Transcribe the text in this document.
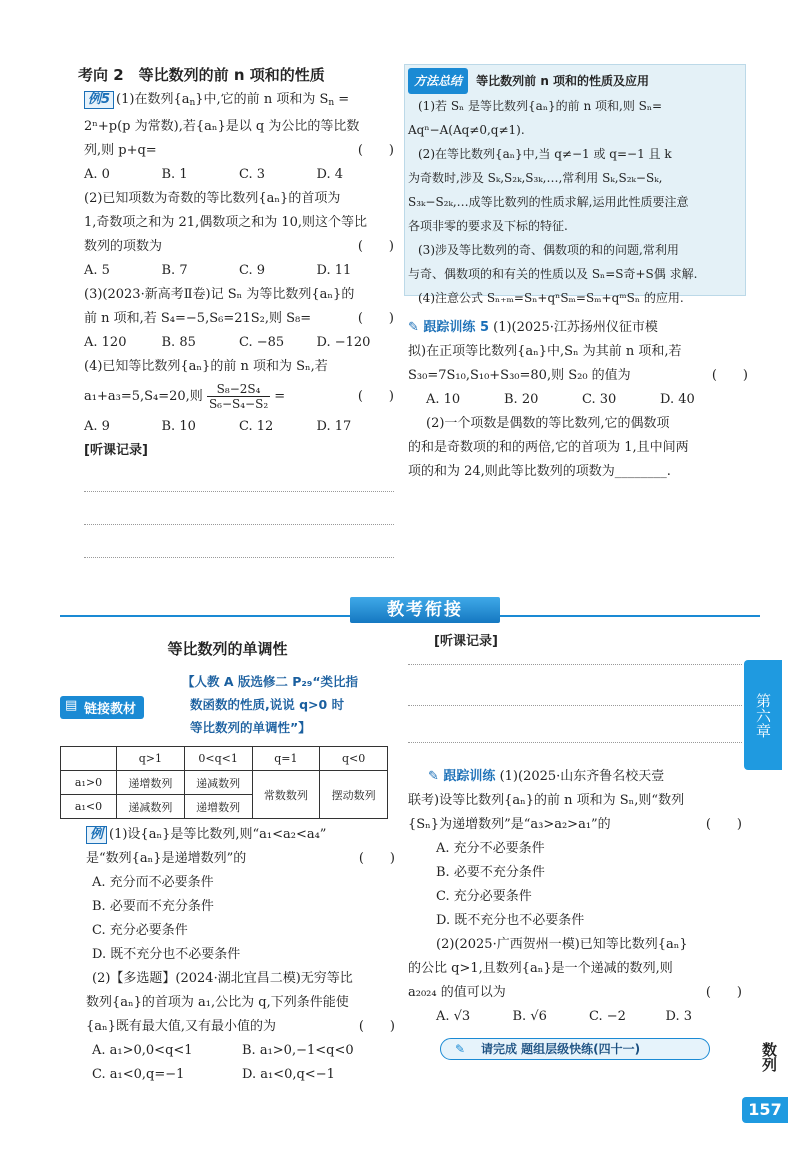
考向 2　等比数列的前 n 项和的性质
例5 (1)在数列$\{a_n\}$中,它的前 n 项和为 $S_n$ =
2ⁿ+p(p 为常数),若{aₙ}是以 q 为公比的等比数
列,则 p+q=	(　　)
A. 0	B. 1	C. 3	D. 4
(2)已知项数为奇数的等比数列{aₙ}的首项为
1,奇数项之和为 21,偶数项之和为 10,则这个等比
数列的项数为	(　　)
A. 5	B. 7	C. 9	D. 11
(3)(2023·新高考Ⅱ卷)记 Sₙ 为等比数列{aₙ}的
前 n 项和,若 S₄=−5,S₆=21S₂,则 S₈=	(　　)
A. 120	B. 85	C. −85	D. −120
(4)已知等比数列{aₙ}的前 n 项和为 Sₙ,若
a₁+a₃=5,S₄=20,则 $\frac{\text{S₈−2S₄}}{\text{S₆−S₄−S₂}}$ =	(　　)
A. 9	B. 10	C. 12	D. 17
[听课记录]
方法总结 等比数列前 n 项和的性质及应用
(1)若 Sₙ 是等比数列{aₙ}的前 n 项和,则 Sₙ=
Aqⁿ−A(Aq≠0,q≠1).
(2)在等比数列{aₙ}中,当 q≠−1 或 q=−1 且 k
为奇数时,涉及 Sₖ,S₂ₖ,S₃ₖ,…,常利用 Sₖ,S₂ₖ−Sₖ,
S₃ₖ−S₂ₖ,…成等比数列的性质求解,运用此性质要注意
各项非零的要求及下标的特征.
(3)涉及等比数列的奇、偶数项的和的问题,常利用
与奇、偶数项的和有关的性质以及 Sₙ=S奇+S偶 求解.
(4)注意公式 Sₙ₊ₘ=Sₙ+qⁿSₘ=Sₘ+qᵐSₙ 的应用.
✎ 跟踪训练 5 (1)(2025·江苏扬州仪征市模
拟)在正项等比数列{aₙ}中,Sₙ 为其前 n 项和,若
S₃₀=7S₁₀,S₁₀+S₃₀=80,则 S₂₀ 的值为	(　　)
A. 10	B. 20	C. 30	D. 40
(2)一个项数是偶数的等比数列,它的偶数项
的和是奇数项的和的两倍,它的首项为 1,且中间两
项的和为 24,则此等比数列的项数为________.
教考衔接
等比数列的单调性
▤ 链接教材
【人教 A 版选修二 P₂₉“类比指
数函数的性质,说说 q>0 时
等比数列的单调性”】
	q>1	0<q<1	q=1	q<0
a₁>0	递增数列	递减数列	常数数列	摆动数列
a₁<0	递减数列	递增数列		
例 (1)设{aₙ}是等比数列,则“a₁<a₂<a₄”
是“数列{aₙ}是递增数列”的	(　　)
A. 充分而不必要条件
B. 必要而不充分条件
C. 充分必要条件
D. 既不充分也不必要条件
(2)【多选题】(2024·湖北宜昌二模)无穷等比
数列{aₙ}的首项为 a₁,公比为 q,下列条件能使
{aₙ}既有最大值,又有最小值的为	(　　)
A. a₁>0,0<q<1	B. a₁>0,−1<q<0
C. a₁<0,q=−1	D. a₁<0,q<−1
[听课记录]
✎ 跟踪训练 (1)(2025·山东齐鲁名校天壹
联考)设等比数列{aₙ}的前 n 项和为 Sₙ,则“数列
{Sₙ}为递增数列”是“a₃>a₂>a₁”的	(　　)
A. 充分不必要条件
B. 必要不充分条件
C. 充分必要条件
D. 既不充分也不必要条件
(2)(2025·广西贺州一模)已知等比数列{aₙ}
的公比 q>1,且数列{aₙ}是一个递减的数列,则
a₂₀₂₄ 的值可以为	(　　)
A. √3	B. √6	C. −2	D. 3
✎ 请完成 题组层级快练(四十一)
第六章
数列
157
